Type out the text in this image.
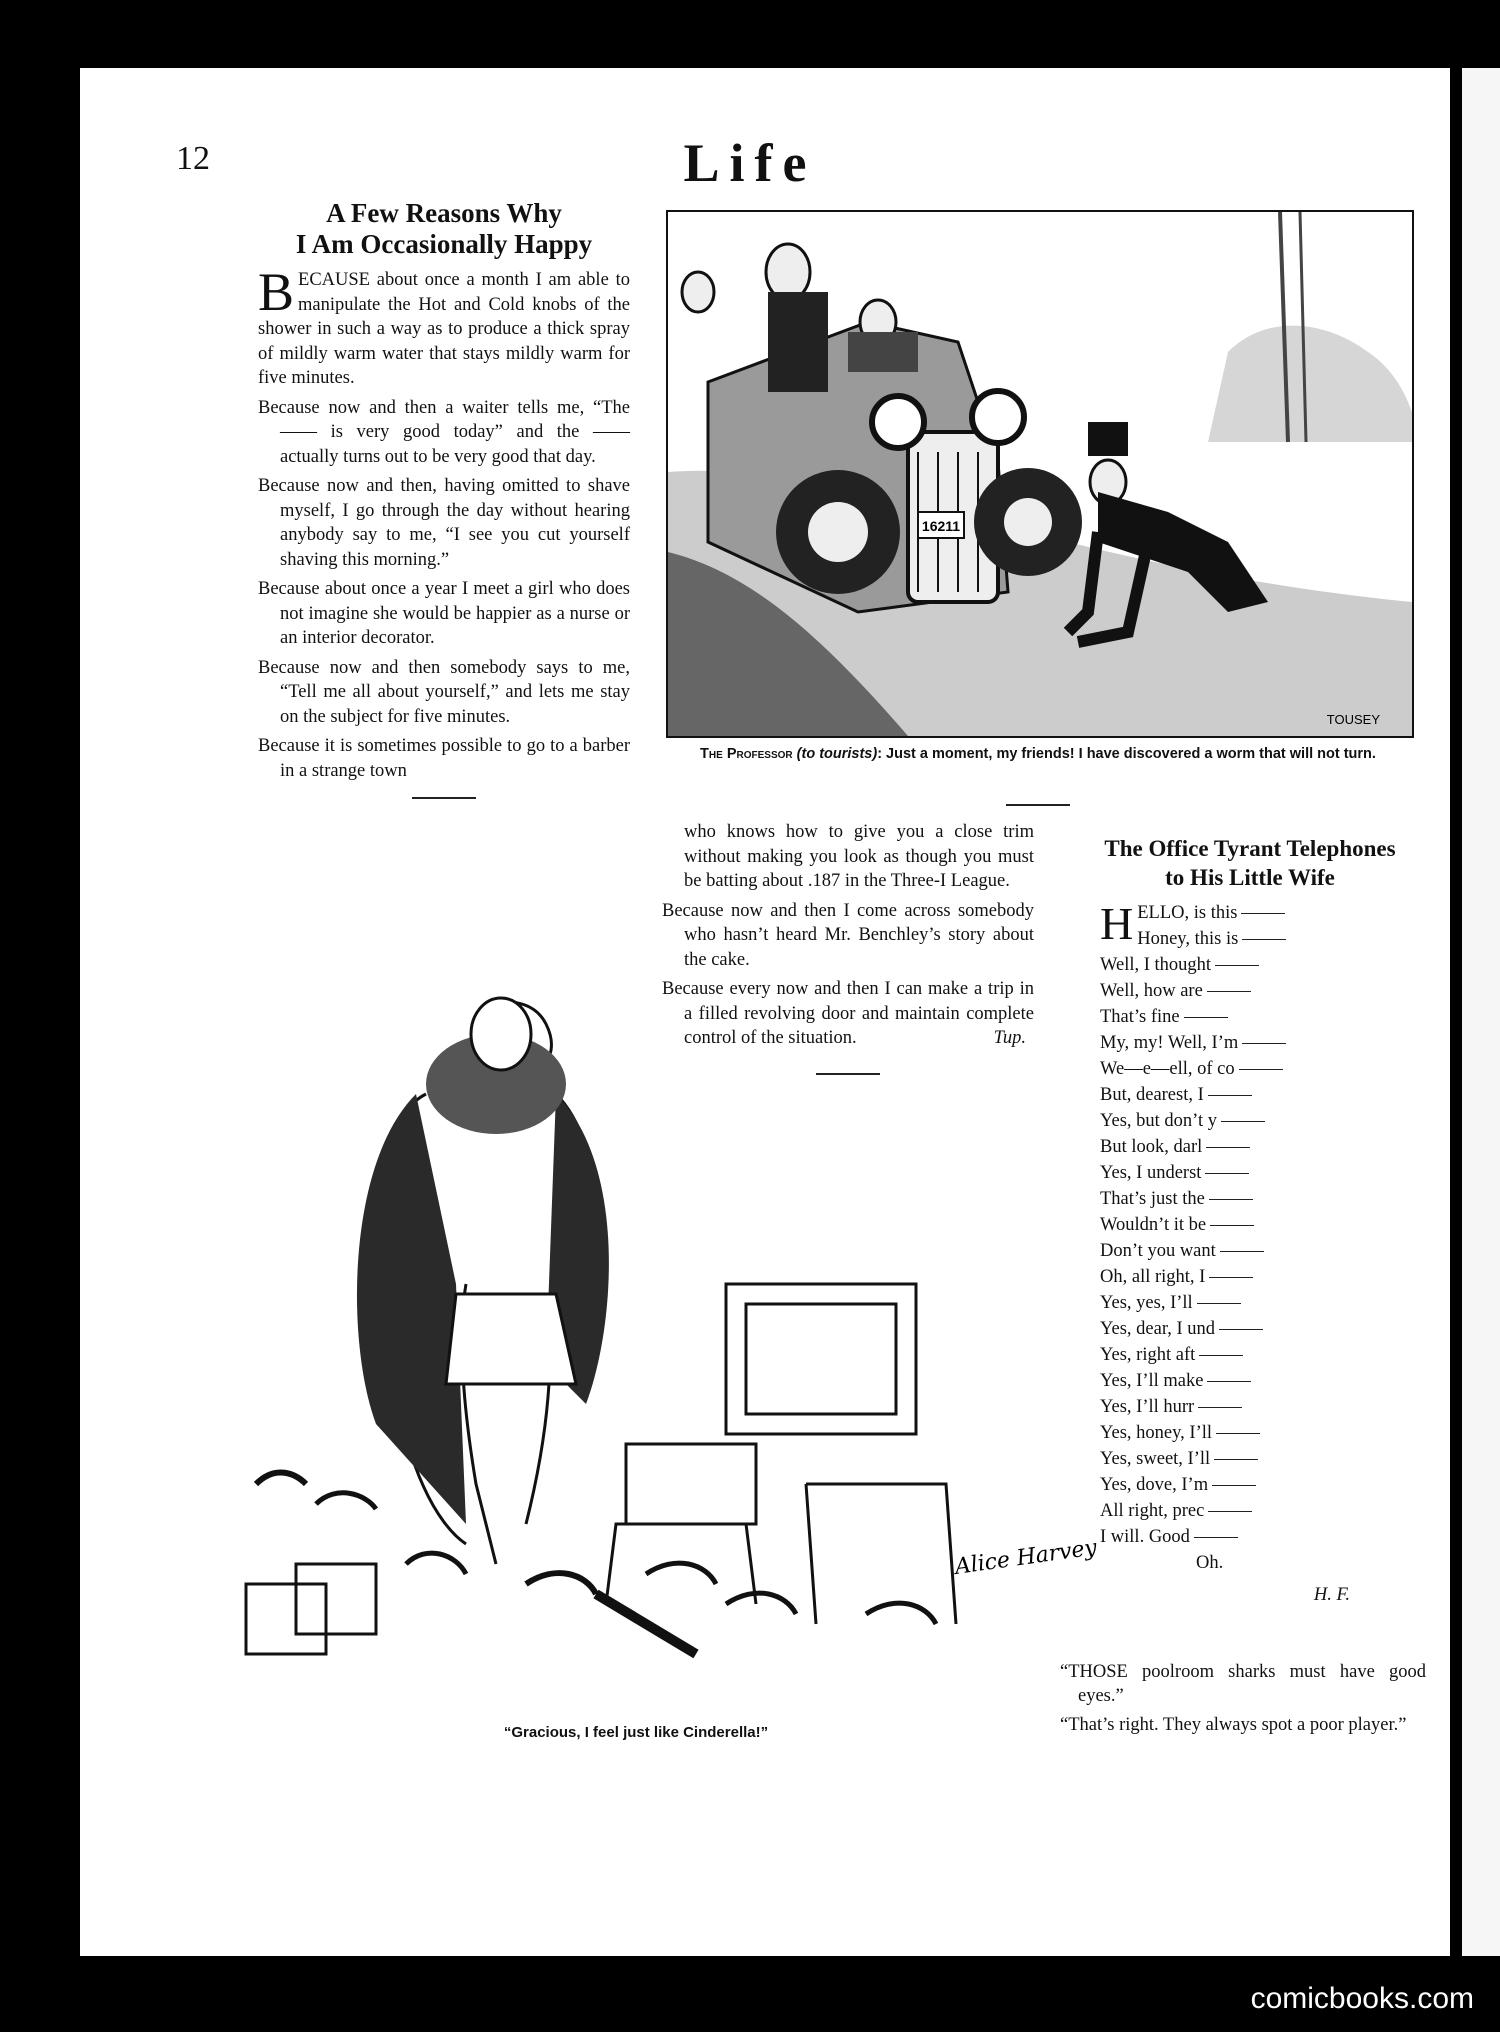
12	Life
A Few Reasons Why
I Am Occasionally Happy

BECAUSE about once a month I am able to manipulate the Hot and Cold knobs of the shower in such a way as to produce a thick spray of mildly warm water that stays mildly warm for five minutes.

Because now and then a waiter tells me, “The —— is very good today” and the —— actually turns out to be very good that day.

Because now and then, having omitted to shave myself, I go through the day without hearing anybody say to me, “I see you cut yourself shaving this morning.”

Because about once a year I meet a girl who does not imagine she would be happier as a nurse or an interior decorator.

Because now and then somebody says to me, “Tell me all about yourself,” and lets me stay on the subject for five minutes.

Because it is sometimes possible to go to a barber in a strange town

16211
TOUSEY
The Professor (to tourists): Just a moment, my friends! I have discovered a worm that will not turn.

who knows how to give you a close trim without making you look as though you must be batting about .187 in the Three-I League.

Because now and then I come across somebody who hasn’t heard Mr. Benchley’s story about the cake.

Because every now and then I can make a trip in a filled revolving door and maintain complete control of the situation.	Tup.

The Office Tyrant Telephones to His Little Wife

HELLO, is this

Honey, this is

Well, I thought

Well, how are

That’s fine

My, my! Well, I’m

We—e—ell, of co

But, dearest, I

Yes, but don’t y

But look, darl

Yes, I underst

That’s just the

Wouldn’t it be

Don’t you want

Oh, all right, I

Yes, yes, I’ll

Yes, dear, I und

Yes, right aft

Yes, I’ll make

Yes, I’ll hurr

Yes, honey, I’ll

Yes, sweet, I’ll

Yes, dove, I’m

All right, prec

I will. Good

Oh.

H. F.

“THOSE poolroom sharks must have good eyes.”

“That’s right. They always spot a poor player.”

Alice Harvey
“Gracious, I feel just like Cinderella!”
comicbooks.com
